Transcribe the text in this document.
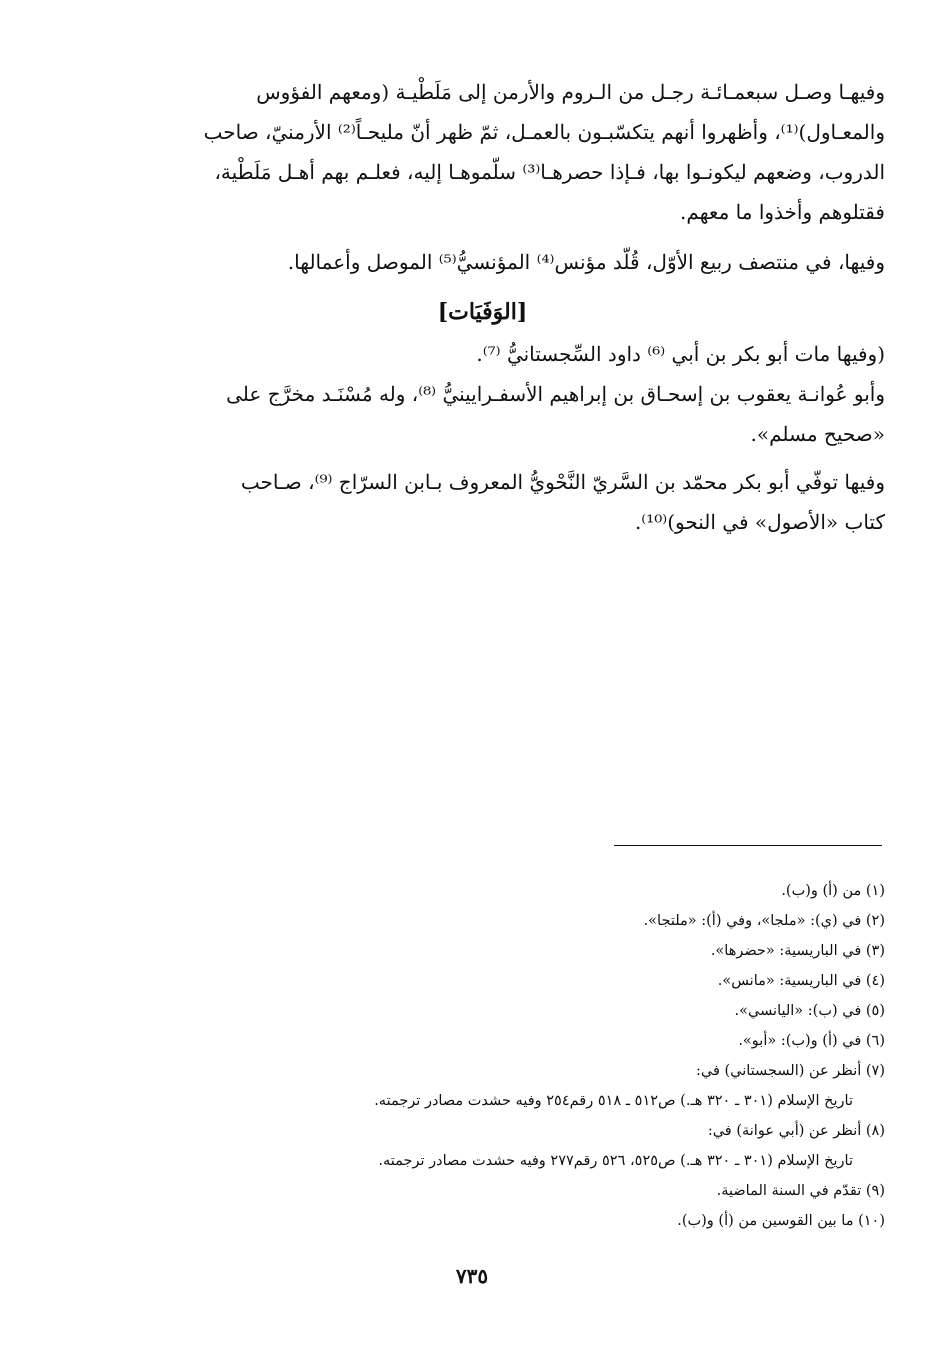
وفيهـا وصـل سبعمـائـة رجـل من الـروم والأرمن إلى مَلَطْيـة (ومعهم الفؤوس
والمعـاول)⁽¹⁾، وأظهروا أنهم يتكسّبـون بالعمـل، ثمّ ظهر أنّ مليحـاً⁽²⁾ الأرمنيّ، صاحب
الدروب، وضعهم ليكونـوا بها، فـإذا حصرهـا⁽³⁾ سلّموهـا إليه، فعلـم بهم أهـل مَلَطْية،
فقتلوهم وأخذوا ما معهم.
وفيها، في منتصف ربيع الأوّل، قُلّد مؤنس⁽⁴⁾ المؤنسيُّ⁽⁵⁾ الموصل وأعمالها.
[الوَفَيَات]
(وفيها مات أبو بكر بن أبي ⁽⁶⁾ داود السِّجستانيُّ ⁽⁷⁾.
وأبو عُوانـة يعقوب بن إسحـاق بن إبراهيم الأسفـرايينيُّ ⁽⁸⁾، وله مُسْنَـد مخرَّج على
«صحيح مسلم».
وفيها توفّي أبو بكر محمّد بن السَّريّ النَّحْويُّ المعروف بـابن السرّاج ⁽⁹⁾، صـاحب
كتاب «الأصول» في النحو)⁽¹⁰⁾.
(١) من (أ) و(ب).
(٢) في (ي): «ملجا»، وفي (أ): «ملتجا».
(٣) في الباريسية: «حضرها».
(٤) في الباريسية: «مانس».
(٥) في (ب): «اليانسي».
(٦) في (أ) و(ب): «أبو».
(٧) أنظر عن (السجستاني) في:
تاريخ الإسلام (٣٠١ ـ ٣٢٠ هـ.) ص٥١٢ ـ ٥١٨ رقم٢٥٤ وفيه حشدت مصادر ترجمته.
(٨) أنظر عن (أبي عوانة) في:
تاريخ الإسلام (٣٠١ ـ ٣٢٠ هـ.) ص٥٢٥، ٥٢٦ رقم٢٧٧ وفيه حشدت مصادر ترجمته.
(٩) تقدّم في السنة الماضية.
(١٠) ما بين القوسين من (أ) و(ب).
٧٣٥
